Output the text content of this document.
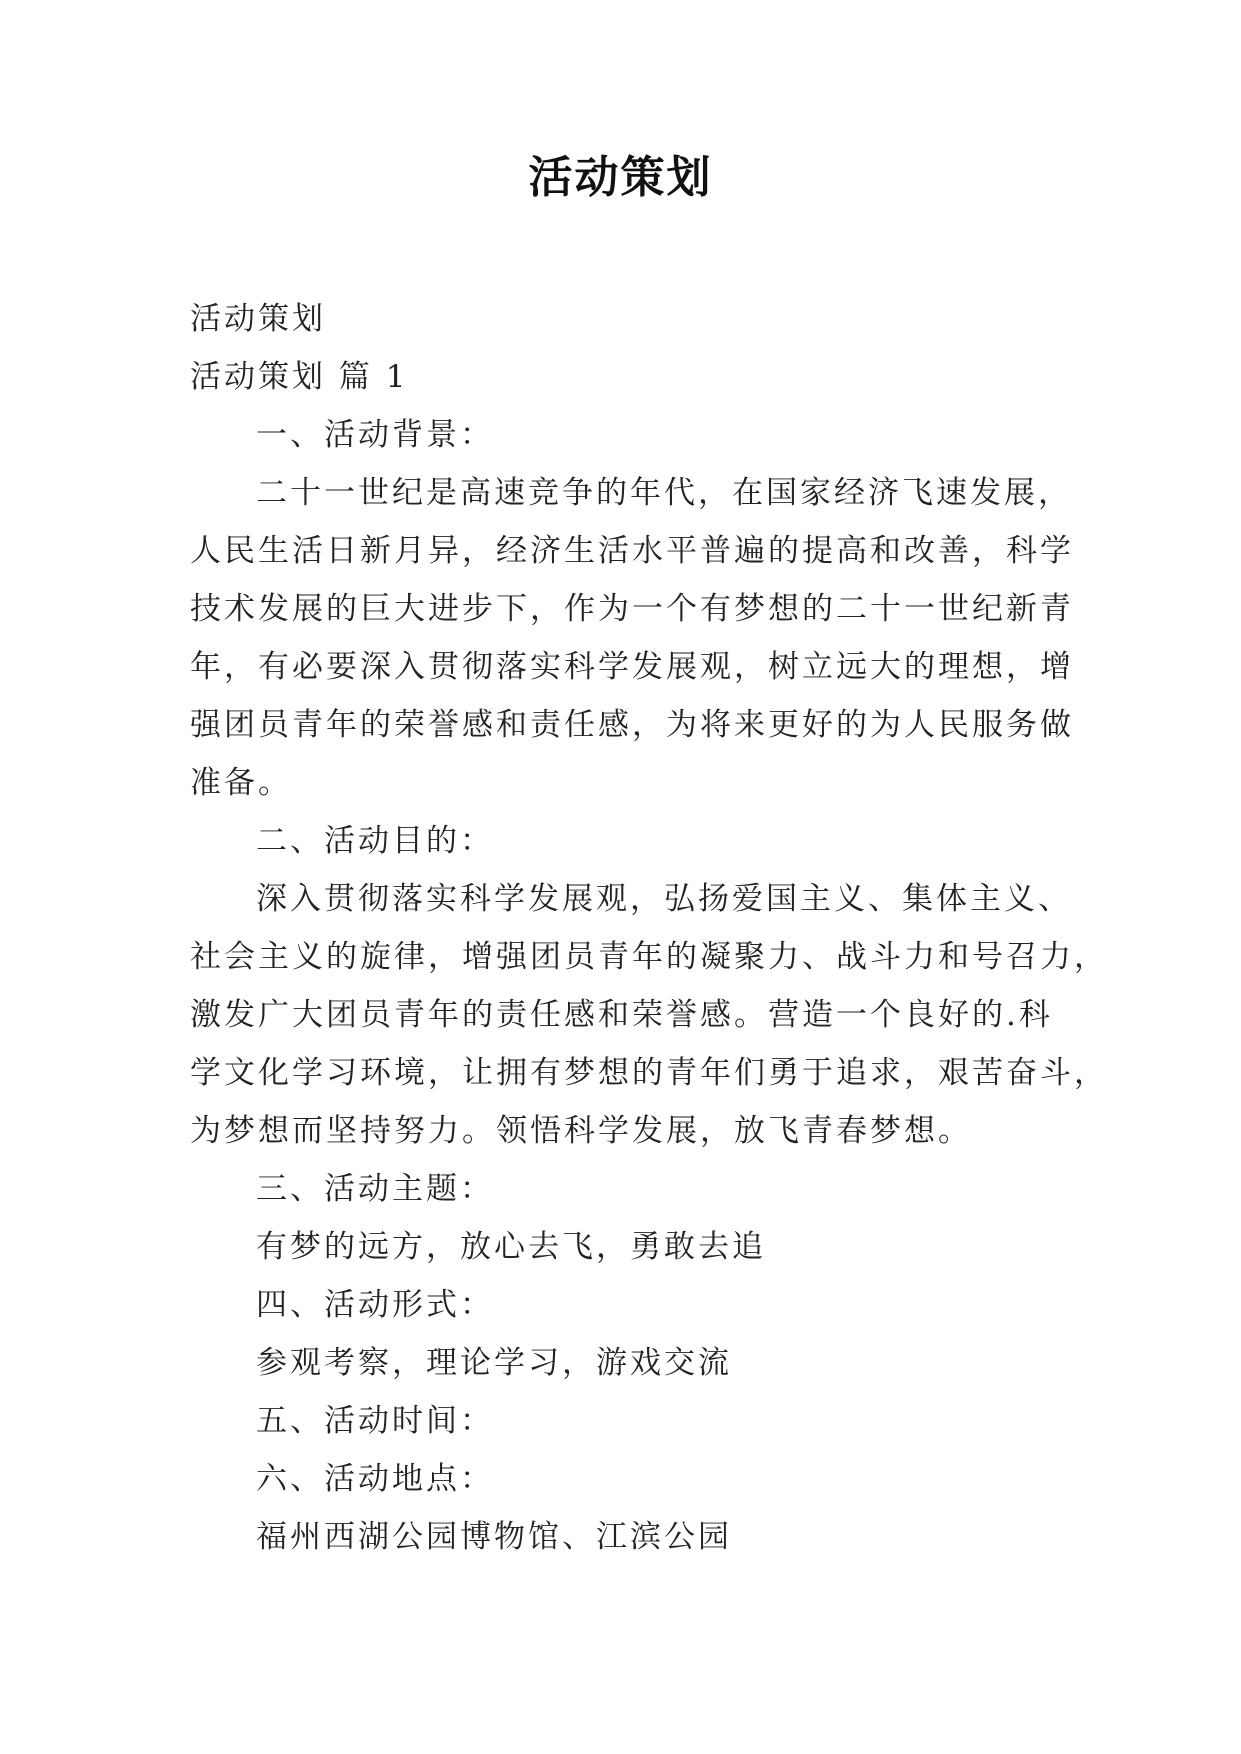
活动策划
活动策划
活动策划 篇 1
一、活动背景：
二十一世纪是高速竞争的年代，在国家经济飞速发展，
人民生活日新月异，经济生活水平普遍的提高和改善，科学
技术发展的巨大进步下，作为一个有梦想的二十一世纪新青
年，有必要深入贯彻落实科学发展观，树立远大的理想，增
强团员青年的荣誉感和责任感，为将来更好的为人民服务做
准备。
二、活动目的：
深入贯彻落实科学发展观，弘扬爱国主义、集体主义、
社会主义的旋律，增强团员青年的凝聚力、战斗力和号召力，
激发广大团员青年的责任感和荣誉感。营造一个良好的.科
学文化学习环境，让拥有梦想的青年们勇于追求，艰苦奋斗，
为梦想而坚持努力。领悟科学发展，放飞青春梦想。
三、活动主题：
有梦的远方，放心去飞，勇敢去追
四、活动形式：
参观考察，理论学习，游戏交流
五、活动时间：
六、活动地点：
福州西湖公园博物馆、江滨公园
